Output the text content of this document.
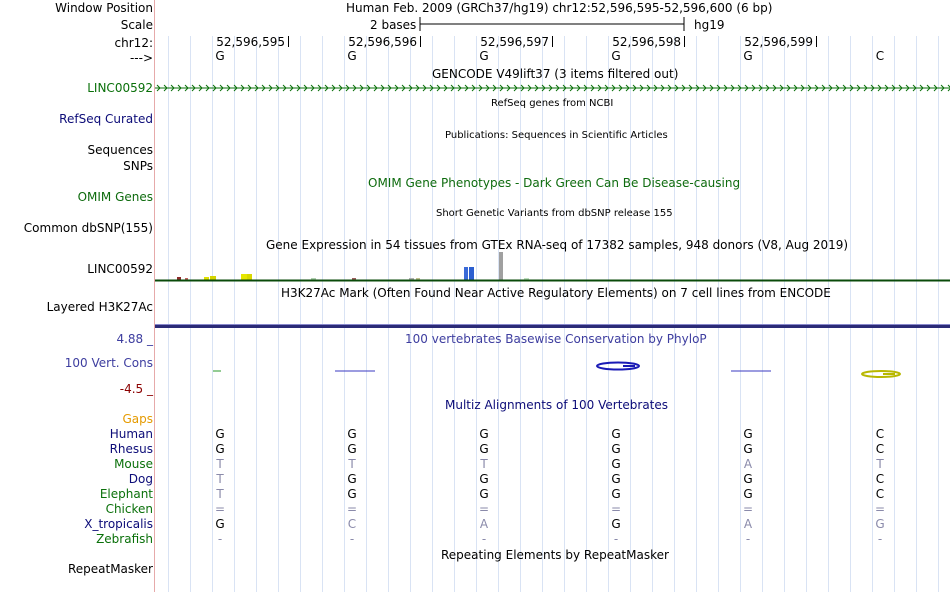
Window Position	Human Feb. 2009 (GRCh37/hg19) chr12:52,596,595-52,596,600 (6 bp)
Scale	2 bases	hg19
chr12:	52,596,595	52,596,596	52,596,597	52,596,598	52,596,599
--->	G	G	G	G	G	C
GENCODE V49lift37 (3 items filtered out)
LINC00592
RefSeq genes from NCBI
RefSeq Curated
Publications: Sequences in Scientific Articles
Sequences
SNPs
OMIM Gene Phenotypes - Dark Green Can Be Disease-causing
OMIM Genes
Short Genetic Variants from dbSNP release 155
Common dbSNP(155)
Gene Expression in 54 tissues from GTEx RNA-seq of 17382 samples, 948 donors (V8, Aug 2019)
LINC00592
H3K27Ac Mark (Often Found Near Active Regulatory Elements) on 7 cell lines from ENCODE
Layered H3K27Ac
100 vertebrates Basewise Conservation by PhyloP
4.88 _
100 Vert. Cons
-4.5 _
Multiz Alignments of 100 Vertebrates
Gaps
Human	G	G	G	G	G	C
Rhesus	G	G	G	G	G	C
Mouse	T	T	T	G	A	T
Dog	T	G	G	G	G	C
Elephant	T	G	G	G	G	C
Chicken	=	=	=	=	=	=
X_tropicalis	G	C	A	G	A	G
Zebrafish	-	-	-	-	-	-
Repeating Elements by RepeatMasker
RepeatMasker
